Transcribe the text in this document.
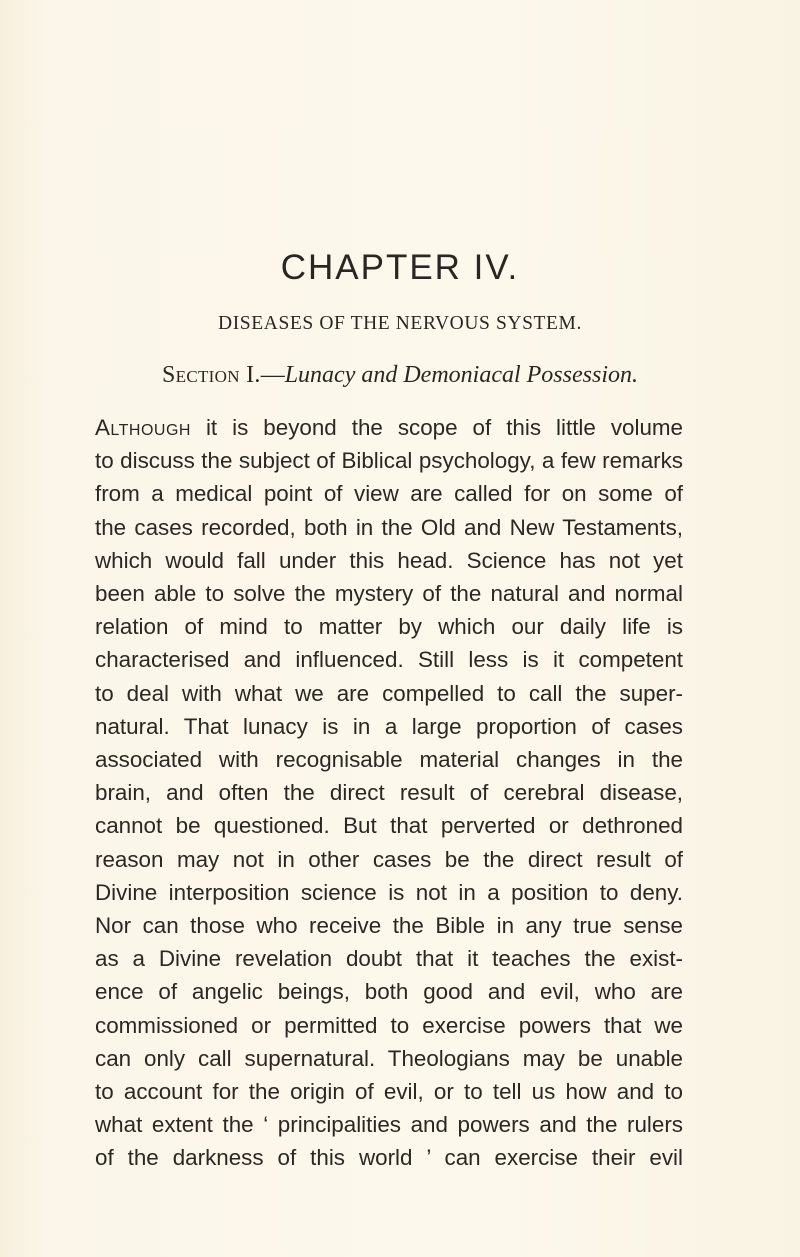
CHAPTER IV.

DISEASES OF THE NERVOUS SYSTEM.

Section I.—Lunacy and Demoniacal Possession.

Although it is beyond the scope of this little volume
to discuss the subject of Biblical psychology, a few remarks
from a medical point of view are called for on some of
the cases recorded, both in the Old and New Testaments,
which would fall under this head. Science has not yet
been able to solve the mystery of the natural and normal
relation of mind to matter by which our daily life is
characterised and influenced. Still less is it competent
to deal with what we are compelled to call the super-
natural. That lunacy is in a large proportion of cases
associated with recognisable material changes in the
brain, and often the direct result of cerebral disease,
cannot be questioned. But that perverted or dethroned
reason may not in other cases be the direct result of
Divine interposition science is not in a position to deny.
Nor can those who receive the Bible in any true sense
as a Divine revelation doubt that it teaches the exist-
ence of angelic beings, both good and evil, who are
commissioned or permitted to exercise powers that we
can only call supernatural. Theologians may be unable
to account for the origin of evil, or to tell us how and to
what extent the ‘ principalities and powers and the rulers
of the darkness of this world ’ can exercise their evil
